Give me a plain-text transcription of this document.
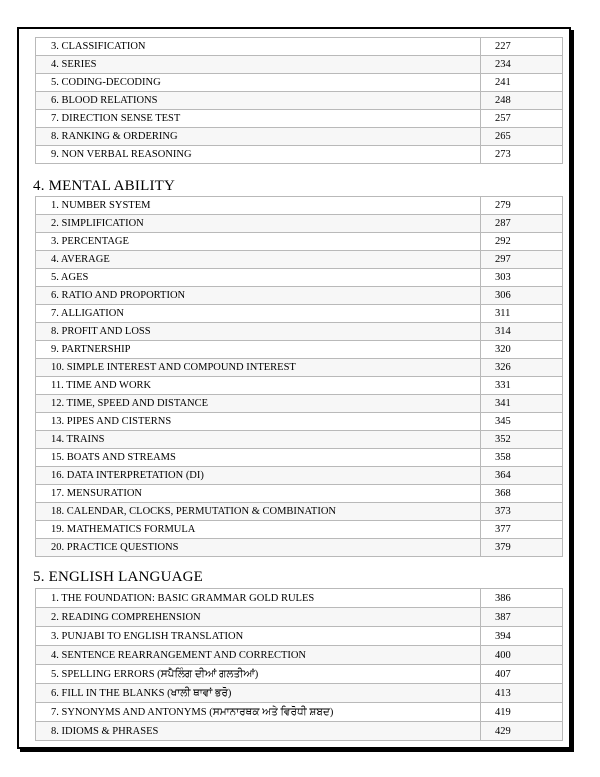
3. CLASSIFICATION	227
4. SERIES	234
5. CODING-DECODING	241
6. BLOOD RELATIONS	248
7. DIRECTION SENSE TEST	257
8. RANKING & ORDERING	265
9. NON VERBAL REASONING	273
4. MENTAL ABILITY
1. NUMBER SYSTEM	279
2. SIMPLIFICATION	287
3. PERCENTAGE	292
4. AVERAGE	297
5. AGES	303
6. RATIO AND PROPORTION	306
7. ALLIGATION	311
8. PROFIT AND LOSS	314
9. PARTNERSHIP	320
10. SIMPLE INTEREST AND COMPOUND INTEREST	326
11. TIME AND WORK	331
12. TIME, SPEED AND DISTANCE	341
13. PIPES AND CISTERNS	345
14. TRAINS	352
15. BOATS AND STREAMS	358
16. DATA INTERPRETATION (DI)	364
17. MENSURATION	368
18. CALENDAR, CLOCKS, PERMUTATION & COMBINATION	373
19. MATHEMATICS FORMULA	377
20. PRACTICE QUESTIONS	379
5. ENGLISH LANGUAGE
1. THE FOUNDATION: BASIC GRAMMAR GOLD RULES	386
2. READING COMPREHENSION	387
3. PUNJABI TO ENGLISH TRANSLATION	394
4. SENTENCE REARRANGEMENT AND CORRECTION	400
5. SPELLING ERRORS (ਸਪੈਲਿੰਗ ਦੀਆਂ ਗਲਤੀਆਂ)	407
6. FILL IN THE BLANKS (ਖਾਲੀ ਥਾਵਾਂ ਭਰੋ)	413
7. SYNONYMS AND ANTONYMS (ਸਮਾਨਾਰਥਕ ਅਤੇ ਵਿਰੋਧੀ ਸ਼ਬਦ)	419
8. IDIOMS & PHRASES	429
